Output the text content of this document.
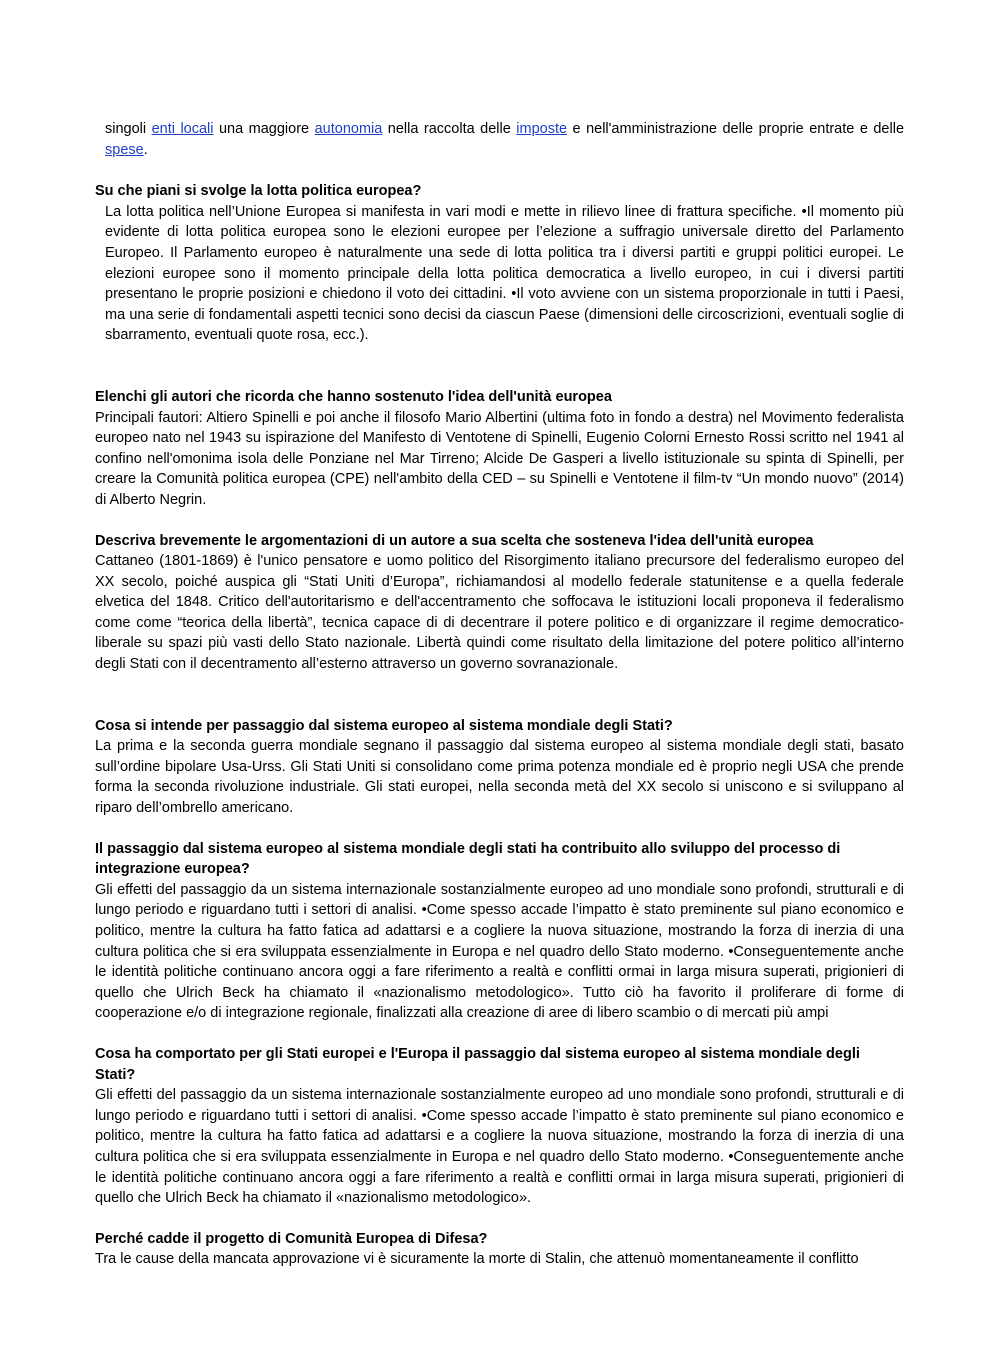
singoli enti locali una maggiore autonomia nella raccolta delle imposte e nell'amministrazione delle proprie entrate e delle spese.

Su che piani si svolge la lotta politica europea?

La lotta politica nell’Unione Europea si manifesta in vari modi e mette in rilievo linee di frattura specifiche. •Il momento più evidente di lotta politica europea sono le elezioni europee per l’elezione a suffragio universale diretto del Parlamento Europeo. Il Parlamento europeo è naturalmente una sede di lotta politica tra i diversi partiti e gruppi politici europei. Le elezioni europee sono il momento principale della lotta politica democratica a livello europeo, in cui i diversi partiti presentano le proprie posizioni e chiedono il voto dei cittadini. •Il voto avviene con un sistema proporzionale in tutti i Paesi, ma una serie di fondamentali aspetti tecnici sono decisi da ciascun Paese (dimensioni delle circoscrizioni, eventuali soglie di sbarramento, eventuali quote rosa, ecc.).

Elenchi gli autori che ricorda che hanno sostenuto l'idea dell'unità europea

Principali fautori: Altiero Spinelli e poi anche il filosofo Mario Albertini (ultima foto in fondo a destra) nel Movimento federalista europeo nato nel 1943 su ispirazione del Manifesto di Ventotene di Spinelli, Eugenio Colorni Ernesto Rossi scritto nel 1941 al confino nell'omonima isola delle Ponziane nel Mar Tirreno; Alcide De Gasperi a livello istituzionale su spinta di Spinelli, per creare la Comunità politica europea (CPE) nell'ambito della CED – su Spinelli e Ventotene il film-tv “Un mondo nuovo” (2014) di Alberto Negrin.

Descriva brevemente le argomentazioni di un autore a sua scelta che sosteneva l'idea dell'unità europea

Cattaneo (1801-1869) è l'unico pensatore e uomo politico del Risorgimento italiano precursore del federalismo europeo del XX secolo, poiché auspica gli “Stati Uniti d’Europa”, richiamandosi al modello federale statunitense e a quella federale elvetica del 1848. Critico dell'autoritarismo e dell'accentramento che soffocava le istituzioni locali proponeva il federalismo come come “teorica della libertà”, tecnica capace di di decentrare il potere politico e di organizzare il regime democratico-liberale su spazi più vasti dello Stato nazionale. Libertà quindi come risultato della limitazione del potere politico all’interno degli Stati con il decentramento all’esterno attraverso un governo sovranazionale.

Cosa si intende per passaggio dal sistema europeo al sistema mondiale degli Stati?

La prima e la seconda guerra mondiale segnano il passaggio dal sistema europeo al sistema mondiale degli stati, basato sull’ordine bipolare Usa-Urss. Gli Stati Uniti si consolidano come prima potenza mondiale ed è proprio negli USA che prende forma la seconda rivoluzione industriale. Gli stati europei, nella seconda metà del XX secolo si uniscono e si sviluppano al riparo dell’ombrello americano.

Il passaggio dal sistema europeo al sistema mondiale degli stati ha contribuito allo sviluppo del processo di integrazione europea?

Gli effetti del passaggio da un sistema internazionale sostanzialmente europeo ad uno mondiale sono profondi, strutturali e di lungo periodo e riguardano tutti i settori di analisi. •Come spesso accade l’impatto è stato preminente sul piano economico e politico, mentre la cultura ha fatto fatica ad adattarsi e a cogliere la nuova situazione, mostrando la forza di inerzia di una cultura politica che si era sviluppata essenzialmente in Europa e nel quadro dello Stato moderno. •Conseguentemente anche le identità politiche continuano ancora oggi a fare riferimento a realtà e conflitti ormai in larga misura superati, prigionieri di quello che Ulrich Beck ha chiamato il «nazionalismo metodologico». Tutto ciò ha favorito il proliferare di forme di cooperazione e/o di integrazione regionale, finalizzati alla creazione di aree di libero scambio o di mercati più ampi

Cosa ha comportato per gli Stati europei e l'Europa il passaggio dal sistema europeo al sistema mondiale degli Stati?

Gli effetti del passaggio da un sistema internazionale sostanzialmente europeo ad uno mondiale sono profondi, strutturali e di lungo periodo e riguardano tutti i settori di analisi. •Come spesso accade l’impatto è stato preminente sul piano economico e politico, mentre la cultura ha fatto fatica ad adattarsi e a cogliere la nuova situazione, mostrando la forza di inerzia di una cultura politica che si era sviluppata essenzialmente in Europa e nel quadro dello Stato moderno. •Conseguentemente anche le identità politiche continuano ancora oggi a fare riferimento a realtà e conflitti ormai in larga misura superati, prigionieri di quello che Ulrich Beck ha chiamato il «nazionalismo metodologico».

Perché cadde il progetto di Comunità Europea di Difesa?

Tra le cause della mancata approvazione vi è sicuramente la morte di Stalin, che attenuò momentaneamente il conflitto
